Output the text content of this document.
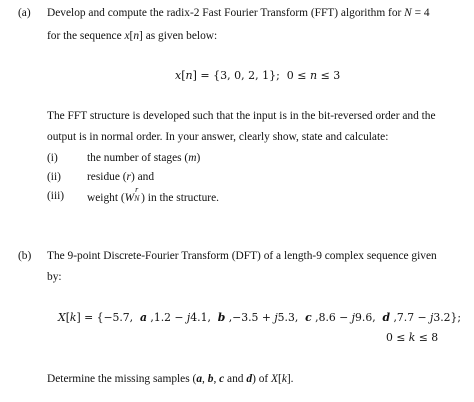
(a) Develop and compute the radix-2 Fast Fourier Transform (FFT) algorithm for N = 4
for the sequence x[n] as given below:
x[n] = {3, 0, 2, 1};  0 ≤ n ≤ 3
The FFT structure is developed such that the input is in the bit-reversed order and the
output is in normal order. In your answer, clearly show, state and calculate:
(i)	the number of stages (m)
(ii) residue (r) and
(iii) weight (W
r
N ) in the structure.
(b) The 9-point Discrete-Fourier Transform (DFT) of a length-9 complex sequence given
by:
X[k] = {−5.7,  a ,1.2 − j4.1,  b ,−3.5 + j5.3,  c ,8.6 − j9.6,  d ,7.7 − j3.2};
0 ≤ k ≤ 8
Determine the missing samples (a, b, c and d) of X[k].
